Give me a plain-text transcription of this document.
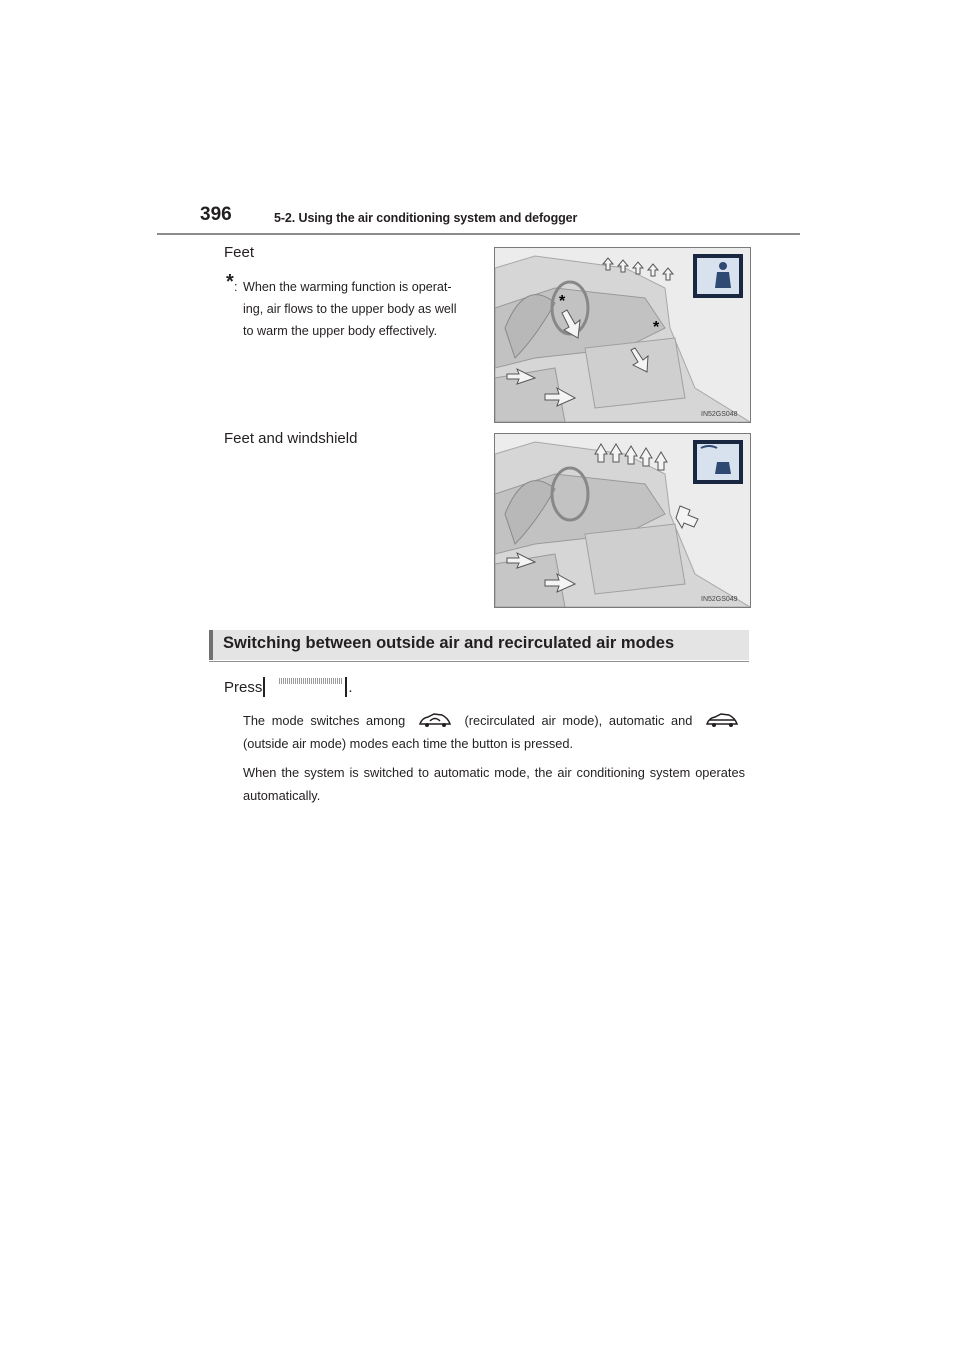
396	5-2. Using the air conditioning system and defogger
Feet
* : When the warming function is operat-ing, air flows to the upper body as well to warm the upper body effectively.
*
*
IN52GS048
Feet and windshield
IN52GS049
Switching between outside air and recirculated air modes
Press	.
The mode switches among	(recirculated air mode), automatic and  (outside air mode) modes each time the button is pressed.
When the system is switched to automatic mode, the air conditioning system operates automatically.
